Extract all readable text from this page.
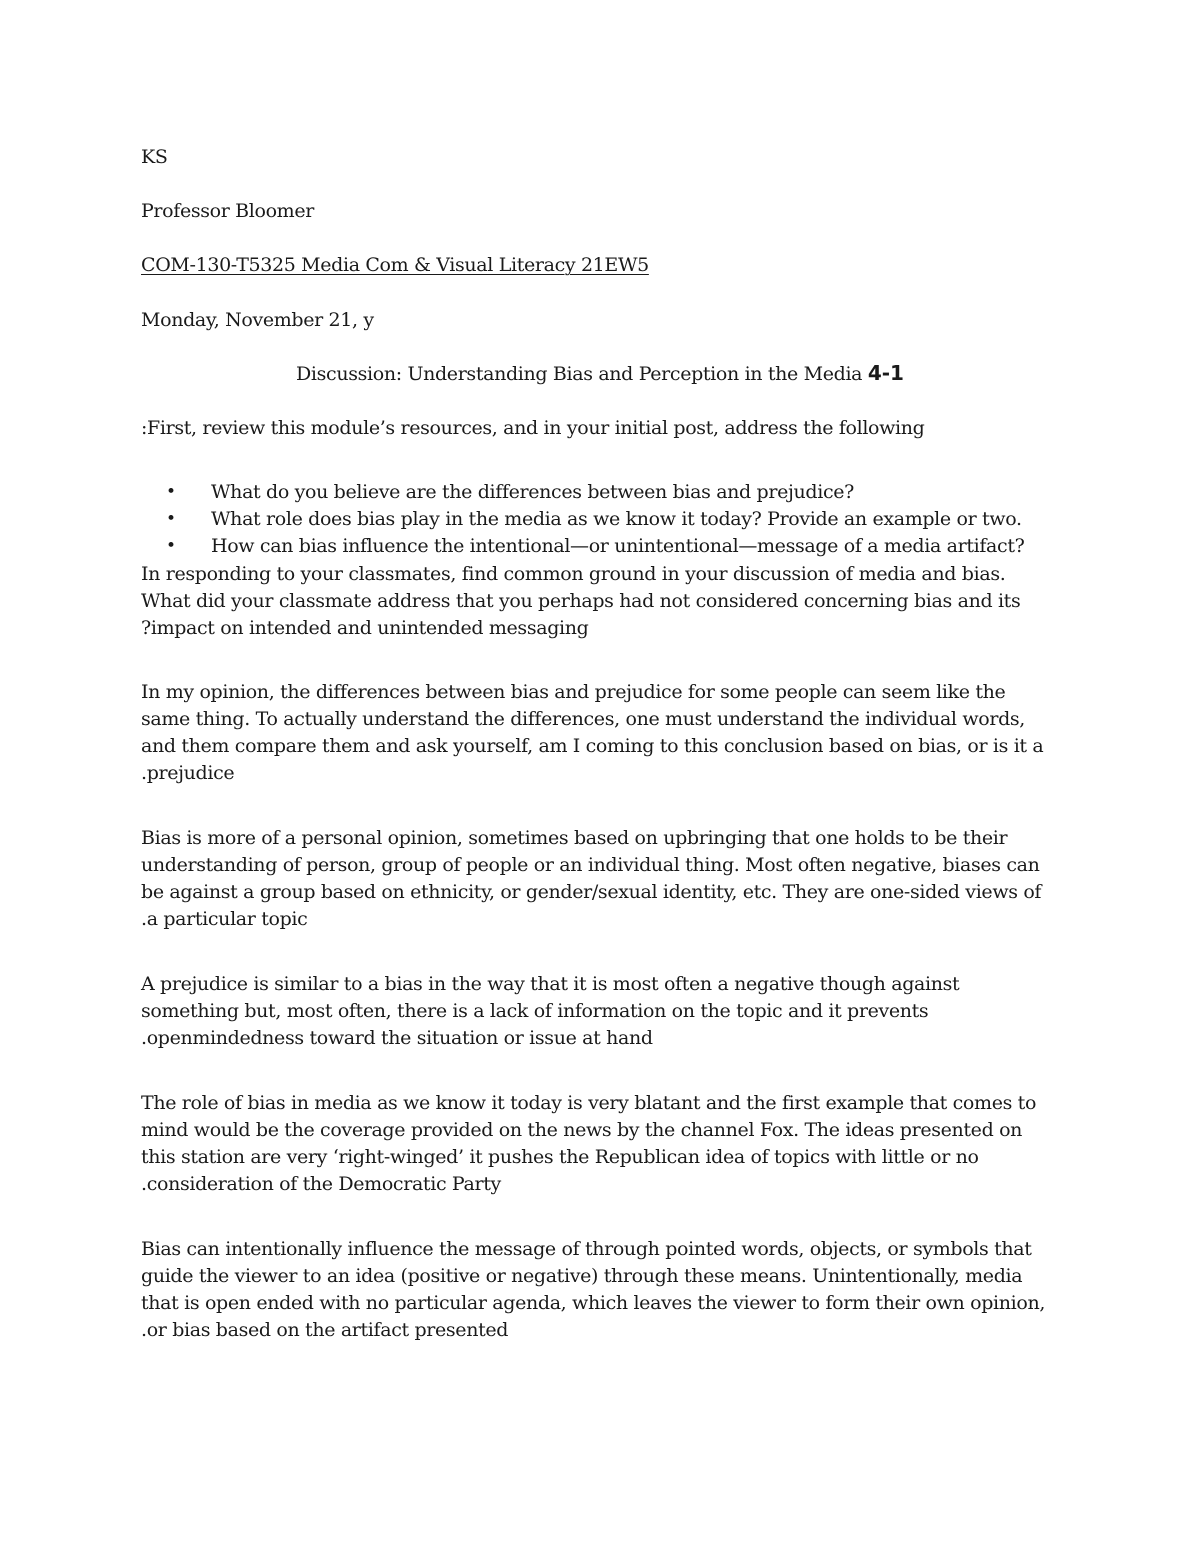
KS

Professor Bloomer

COM-130-T5325 Media Com & Visual Literacy 21EW5

Monday, November 21, y

Discussion: Understanding Bias and Perception in the Media 4-1

:First, review this module’s resources, and in your initial post, address the following

• What do you believe are the differences between bias and prejudice?

• What role does bias play in the media as we know it today? Provide an example or two.

• How can bias influence the intentional—or unintentional—message of a media artifact?

In responding to your classmates, find common ground in your discussion of media and bias.

What did your classmate address that you perhaps had not considered concerning bias and its

?impact on intended and unintended messaging

In my opinion, the differences between bias and prejudice for some people can seem like the

same thing. To actually understand the differences, one must understand the individual words,

and them compare them and ask yourself, am I coming to this conclusion based on bias, or is it a

.prejudice

Bias is more of a personal opinion, sometimes based on upbringing that one holds to be their

understanding of person, group of people or an individual thing. Most often negative, biases can

be against a group based on ethnicity, or gender/sexual identity, etc. They are one-sided views of

.a particular topic

A prejudice is similar to a bias in the way that it is most often a negative though against

something but, most often, there is a lack of information on the topic and it prevents

.openmindedness toward the situation or issue at hand

The role of bias in media as we know it today is very blatant and the first example that comes to

mind would be the coverage provided on the news by the channel Fox. The ideas presented on

this station are very ‘right-winged’ it pushes the Republican idea of topics with little or no

.consideration of the Democratic Party

Bias can intentionally influence the message of through pointed words, objects, or symbols that

guide the viewer to an idea (positive or negative) through these means. Unintentionally, media

that is open ended with no particular agenda, which leaves the viewer to form their own opinion,

.or bias based on the artifact presented
